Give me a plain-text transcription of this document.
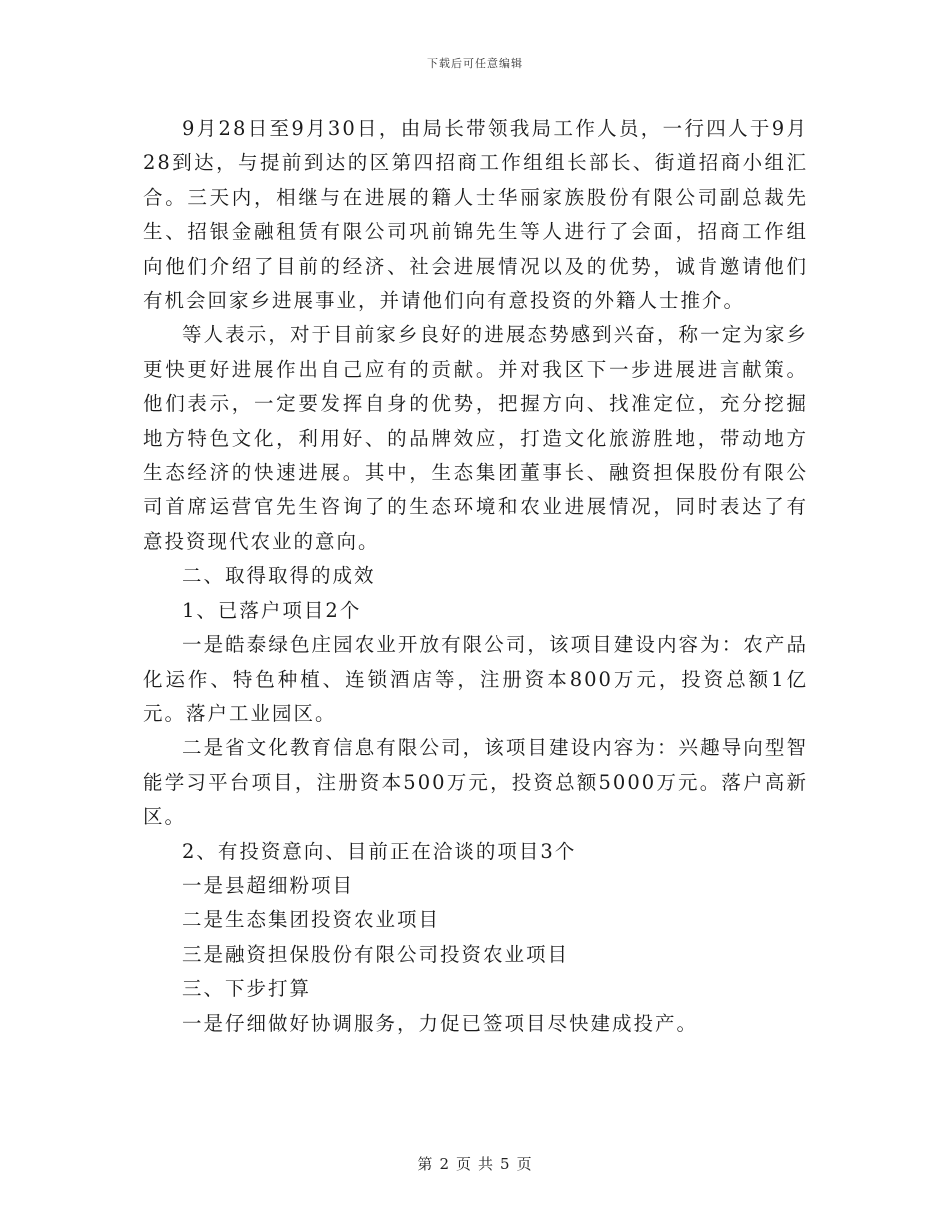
下载后可任意编辑

9月28日至9月30日，由局长带领我局工作人员，一行四人于9月28到达，与提前到达的区第四招商工作组组长部长、街道招商小组汇合。三天内，相继与在进展的籍人士华丽家族股份有限公司副总裁先生、招银金融租赁有限公司巩前锦先生等人进行了会面，招商工作组向他们介绍了目前的经济、社会进展情况以及的优势，诚肯邀请他们有机会回家乡进展事业，并请他们向有意投资的外籍人士推介。

等人表示，对于目前家乡良好的进展态势感到兴奋，称一定为家乡更快更好进展作出自己应有的贡献。并对我区下一步进展进言献策。他们表示，一定要发挥自身的优势，把握方向、找准定位，充分挖掘地方特色文化，利用好、的品牌效应，打造文化旅游胜地，带动地方生态经济的快速进展。其中，生态集团董事长、融资担保股份有限公司首席运营官先生咨询了的生态环境和农业进展情况，同时表达了有意投资现代农业的意向。

二、取得取得的成效

1、已落户项目2个

一是皓泰绿色庄园农业开放有限公司，该项目建设内容为：农产品化运作、特色种植、连锁酒店等，注册资本800万元，投资总额1亿元。落户工业园区。

二是省文化教育信息有限公司，该项目建设内容为：兴趣导向型智能学习平台项目，注册资本500万元，投资总额5000万元。落户高新区。

2、有投资意向、目前正在洽谈的项目3个

一是县超细粉项目

二是生态集团投资农业项目

三是融资担保股份有限公司投资农业项目

三、下步打算

一是仔细做好协调服务，力促已签项目尽快建成投产。

第 2 页 共 5 页
